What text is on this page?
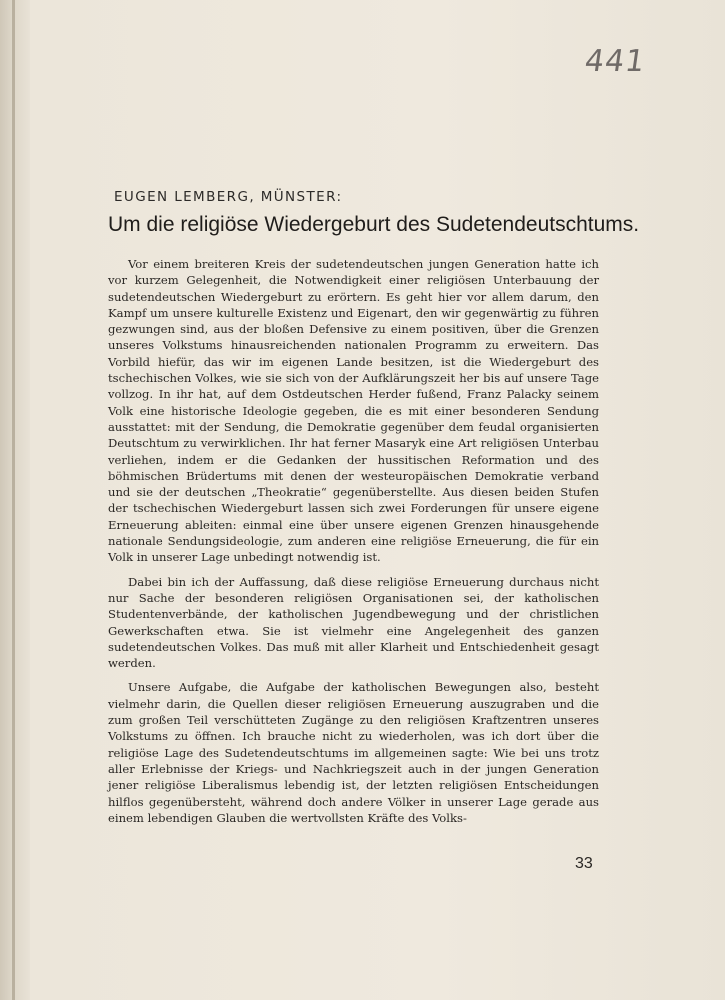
441
EUGEN LEMBERG, MÜNSTER:
Um die religiöse Wiedergeburt des Sudetendeutschtums.

Vor einem breiteren Kreis der sudetendeutschen jungen Generation hatte ich vor kurzem Gelegenheit, die Notwendigkeit einer religiösen Unterbauung der sudetendeutschen Wiedergeburt zu erörtern. Es geht hier vor allem darum, den Kampf um unsere kulturelle Existenz und Eigenart, den wir gegenwärtig zu führen gezwungen sind, aus der bloßen Defensive zu einem positiven, über die Grenzen unseres Volkstums hinausreichenden nationalen Programm zu erweitern. Das Vorbild hiefür, das wir im eigenen Lande besitzen, ist die Wiedergeburt des tschechischen Volkes, wie sie sich von der Aufklärungszeit her bis auf unsere Tage vollzog. In ihr hat, auf dem Ostdeutschen Herder fußend, Franz Palacky seinem Volk eine historische Ideologie gegeben, die es mit einer besonderen Sendung ausstattet: mit der Sendung, die Demokratie gegenüber dem feudal organisierten Deutschtum zu verwirklichen. Ihr hat ferner Masaryk eine Art religiösen Unterbau verliehen, indem er die Gedanken der hussitischen Reformation und des böhmischen Brüdertums mit denen der westeuropäischen Demokratie verband und sie der deutschen „Theokratie“ gegenüberstellte. Aus diesen beiden Stufen der tschechischen Wiedergeburt lassen sich zwei Forderungen für unsere eigene Erneuerung ableiten: einmal eine über unsere eigenen Grenzen hinausgehende nationale Sendungsideologie, zum anderen eine religiöse Erneuerung, die für ein Volk in unserer Lage unbedingt notwendig ist.

Dabei bin ich der Auffassung, daß diese religiöse Erneuerung durchaus nicht nur Sache der besonderen religiösen Organisationen sei, der katholischen Studentenverbände, der katholischen Jugendbewegung und der christlichen Gewerkschaften etwa. Sie ist vielmehr eine Angelegenheit des ganzen sudetendeutschen Volkes. Das muß mit aller Klarheit und Entschiedenheit gesagt werden.

Unsere Aufgabe, die Aufgabe der katholischen Bewegungen also, besteht vielmehr darin, die Quellen dieser religiösen Erneuerung auszugraben und die zum großen Teil verschütteten Zugänge zu den religiösen Kraftzentren unseres Volkstums zu öffnen. Ich brauche nicht zu wiederholen, was ich dort über die religiöse Lage des Sudetendeutschtums im allgemeinen sagte: Wie bei uns trotz aller Erlebnisse der Kriegs- und Nachkriegszeit auch in der jungen Generation jener religiöse Liberalismus lebendig ist, der letzten religiösen Entscheidungen hilflos gegenübersteht, während doch andere Völker in unserer Lage gerade aus einem lebendigen Glauben die wertvollsten Kräfte des Volks-

33
